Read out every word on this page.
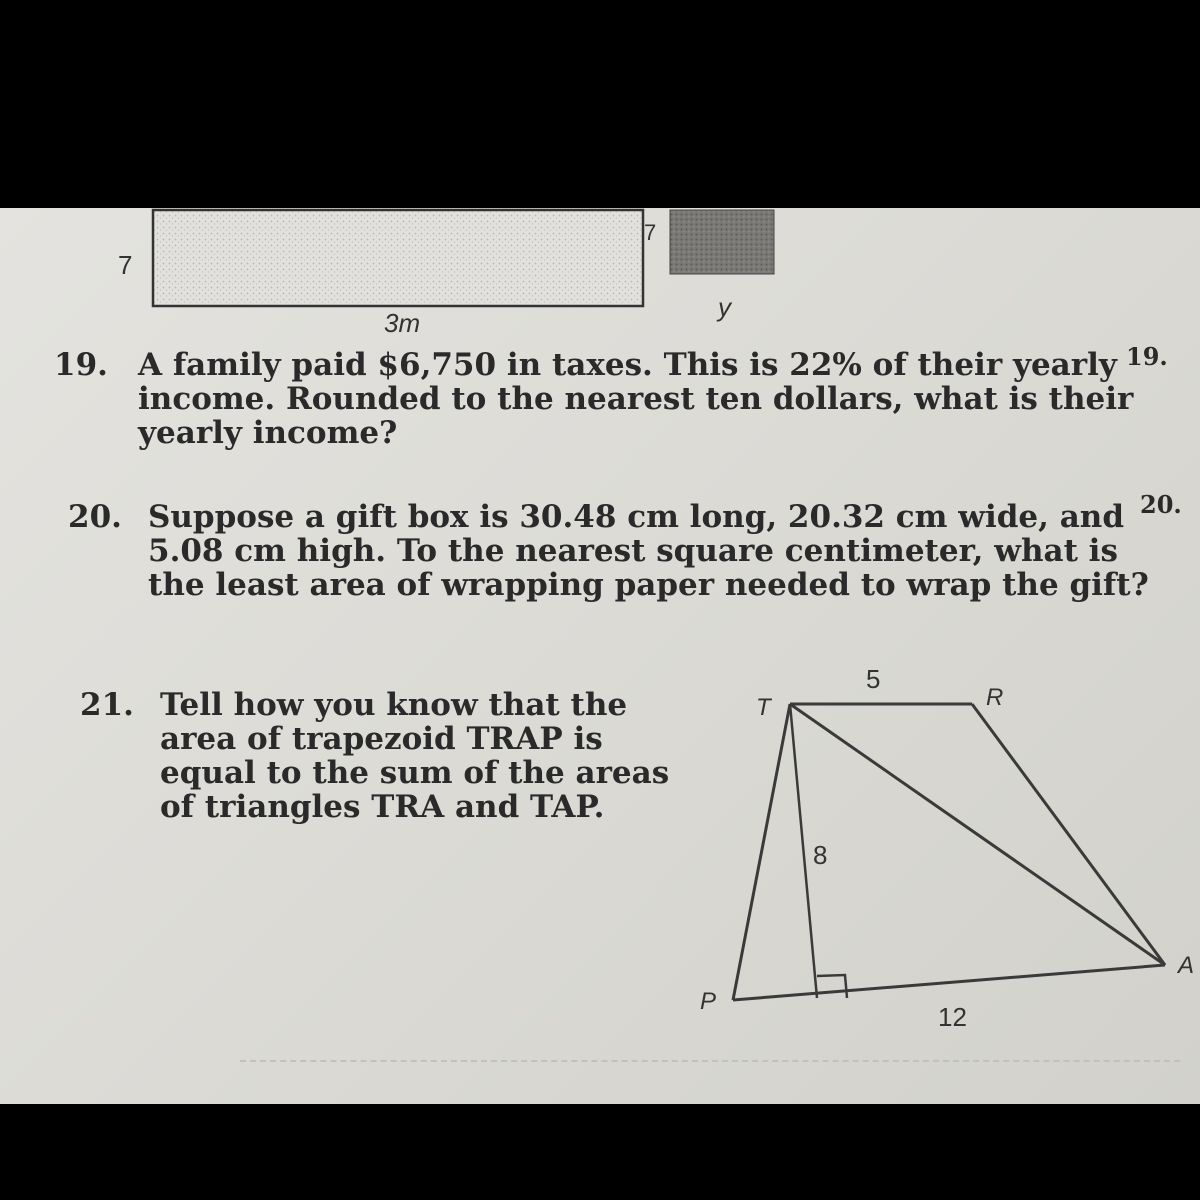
7
3m
7
y
19. A family paid $6,750 in taxes. This is 22% of their yearly
income. Rounded to the nearest ten dollars, what is their
yearly income?
20. Suppose a gift box is 30.48 cm long, 20.32 cm wide, and
5.08 cm high. To the nearest square centimeter, what is
the least area of wrapping paper needed to wrap the gift?
21. Tell how you know that the
area of trapezoid TRAP is
equal to the sum of the areas
of triangles TRA and TAP.
19.
20.
T	R
A
P
5
8
12
